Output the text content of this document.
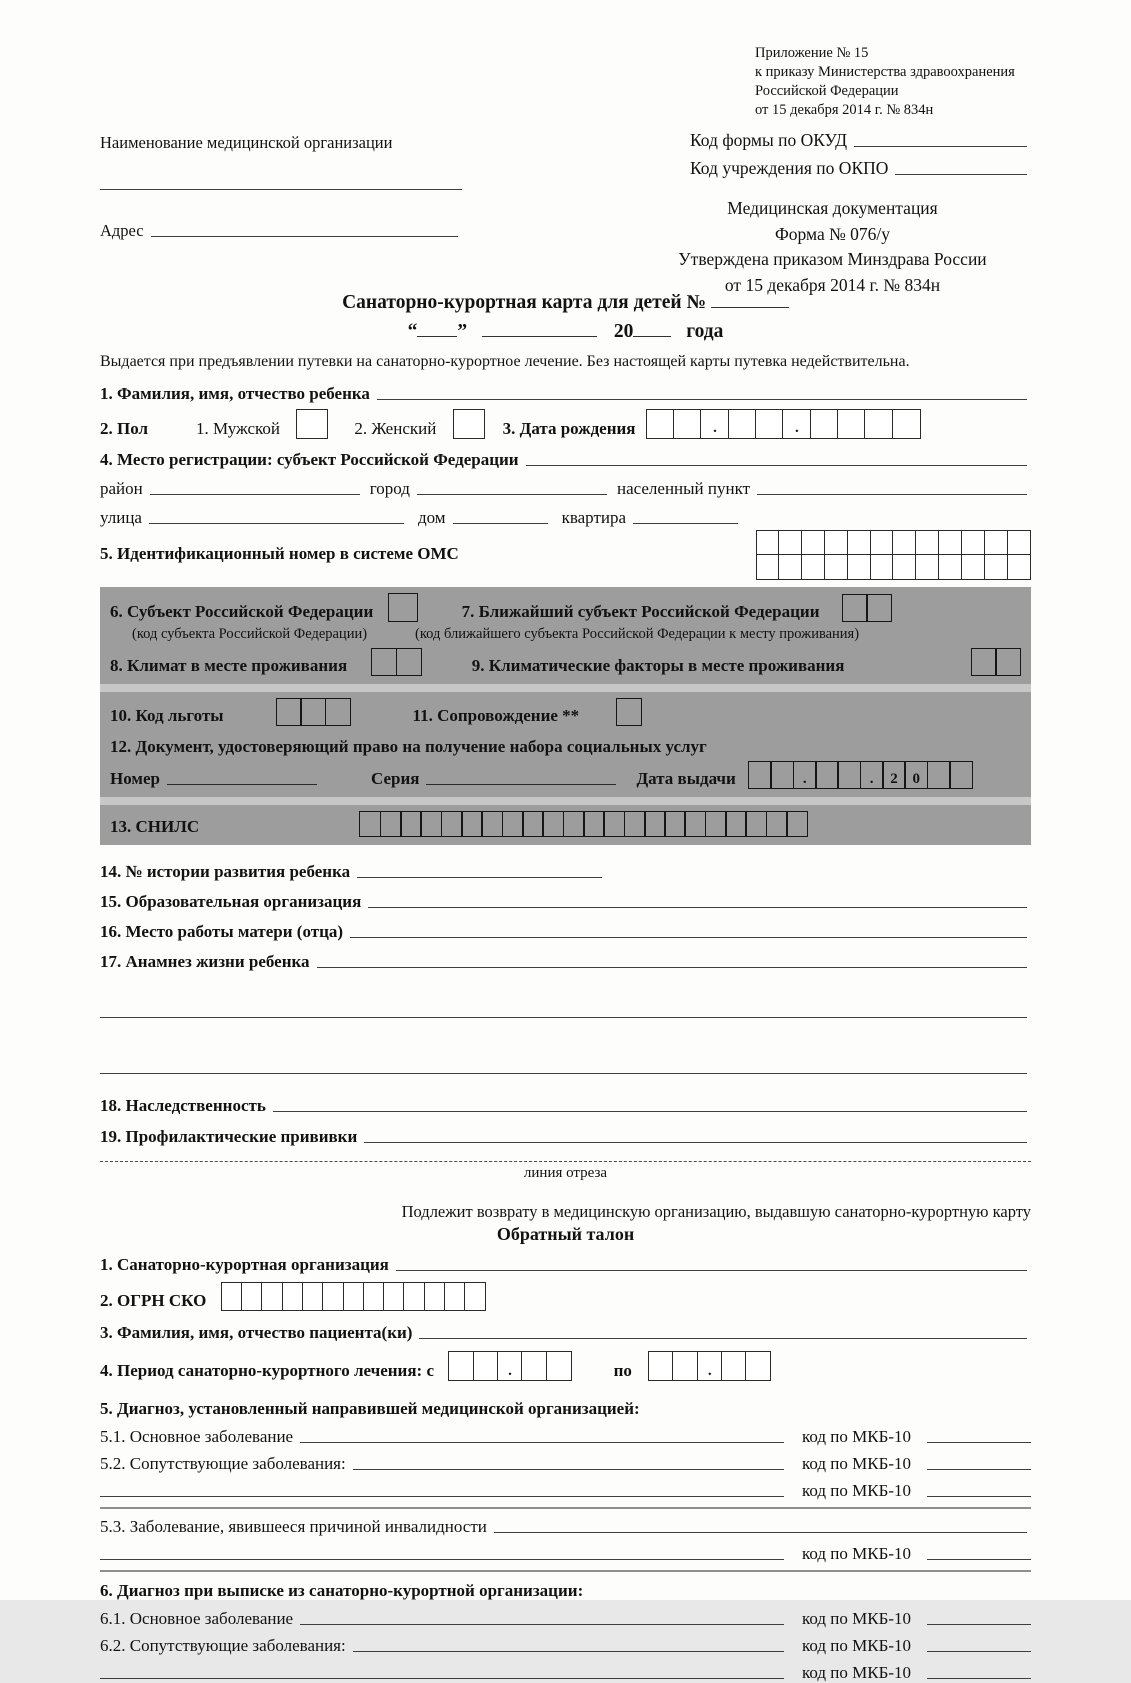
Приложение № 15
к приказу Министерства здравоохранения
Российской Федерации
от 15 декабря 2014 г. № 834н
Наименование медицинской организации	Код формы по ОКУД
Код учреждения по ОКПО
Адрес
Медицинская документация
Форма № 076/у
Утверждена приказом Минздрава России
от 15 декабря 2014 г. № 834н
Санаторно-курортная карта для детей №
“ ”	20	года
Выдается при предъявлении путевки на санаторно-курортное лечение. Без настоящей карты путевка недействительна.
1. Фамилия, имя, отчество ребенка
2. Пол	1. Мужской	2. Женский	3. Дата рождения	.	.
4. Место регистрации: субъект Российской Федерации
район	город	населенный пункт
улица	дом	квартира
5. Идентификационный номер в системе ОМС
6. Субъект Российской Федерации	7. Ближайший субъект Российской Федерации
(код субъекта Российской Федерации)	(код ближайшего субъекта Российской Федерации к месту проживания)
8. Климат в месте проживания	9. Климатические факторы в месте проживания
10. Код льготы	11. Сопровождение **
12. Документ, удостоверяющий право на получение набора социальных услуг
Номер	Серия	Дата выдачи	.	.	2 0
13. СНИЛС
14. № истории развития ребенка
15. Образовательная организация
16. Место работы матери (отца)
17. Анамнез жизни ребенка
18. Наследственность
19. Профилактические прививки
линия отреза
Подлежит возврату в медицинскую организацию, выдавшую санаторно-курортную карту
Обратный талон
1. Санаторно-курортная организация
2. ОГРН СКО
3. Фамилия, имя, отчество пациента(ки)
4. Период санаторно-курортного лечения: с	.	по	.
5. Диагноз, установленный направившей медицинской организацией:
5.1. Основное заболевание	код по МКБ-10
5.2. Сопутствующие заболевания:	код по МКБ-10
код по МКБ-10
5.3. Заболевание, явившееся причиной инвалидности
код по МКБ-10
6. Диагноз при выписке из санаторно-курортной организации:
6.1. Основное заболевание	код по МКБ-10
6.2. Сопутствующие заболевания:	код по МКБ-10
код по МКБ-10
